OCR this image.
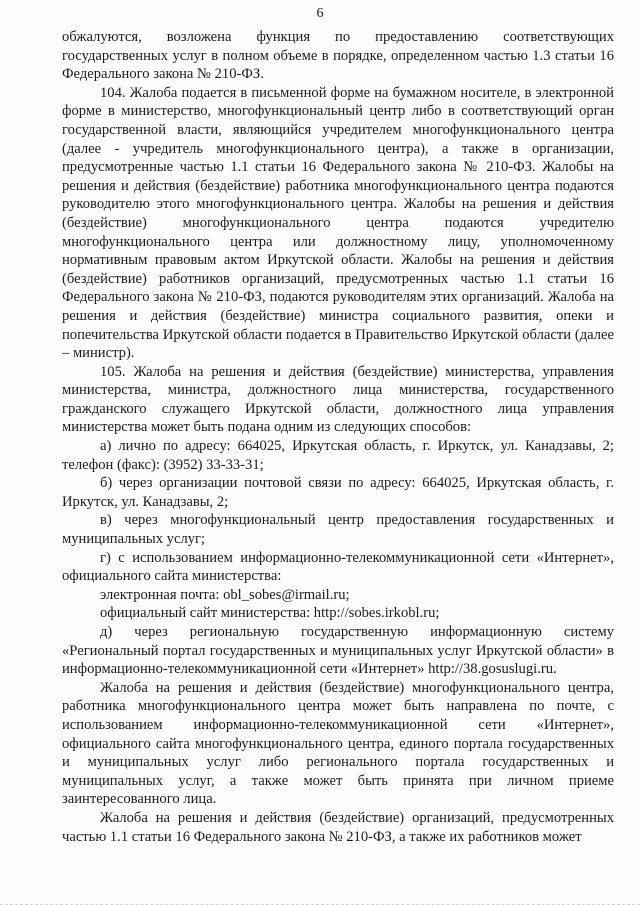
6

обжалуются, возложена функция по предоставлению соответствующих государственных услуг в полном объеме в порядке, определенном частью 1.3 статьи 16 Федерального закона № 210-ФЗ.

104. Жалоба подается в письменной форме на бумажном носителе, в электронной форме в министерство, многофункциональный центр либо в соответствующий орган государственной власти, являющийся учредителем многофункционального центра (далее - учредитель многофункционального центра), а также в организации, предусмотренные частью 1.1 статьи 16 Федерального закона № 210-ФЗ. Жалобы на решения и действия (бездействие) работника многофункционального центра подаются руководителю этого многофункционального центра. Жалобы на решения и действия (бездействие) многофункционального центра подаются учредителю многофункционального центра или должностному лицу, уполномоченному нормативным правовым актом Иркутской области. Жалобы на решения и действия (бездействие) работников организаций, предусмотренных частью 1.1 статьи 16 Федерального закона № 210-ФЗ, подаются руководителям этих организаций. Жалоба на решения и действия (бездействие) министра социального развития, опеки и попечительства Иркутской области подается в Правительство Иркутской области (далее – министр).

105. Жалоба на решения и действия (бездействие) министерства, управления министерства, министра, должностного лица министерства, государственного гражданского служащего Иркутской области, должностного лица управления министерства может быть подана одним из следующих способов:

а) лично по адресу: 664025, Иркутская область, г. Иркутск, ул. Канадзавы, 2; телефон (факс): (3952) 33-33-31;

б) через организации почтовой связи по адресу: 664025, Иркутская область, г. Иркутск, ул. Канадзавы, 2;

в) через многофункциональный центр предоставления государственных и муниципальных услуг;

г) с использованием информационно-телекоммуникационной сети «Интернет», официального сайта министерства:

электронная почта: obl_sobes@irmail.ru;

официальный сайт министерства: http://sobes.irkobl.ru;

д) через региональную государственную информационную систему «Региональный портал государственных и муниципальных услуг Иркутской области» в информационно-телекоммуникационной сети «Интернет» http://38.gosuslugi.ru.

Жалоба на решения и действия (бездействие) многофункционального центра, работника многофункционального центра может быть направлена по почте, с использованием информационно-телекоммуникационной сети «Интернет», официального сайта многофункционального центра, единого портала государственных и муниципальных услуг либо регионального портала государственных и муниципальных услуг, а также может быть принята при личном приеме заинтересованного лица.

Жалоба на решения и действия (бездействие) организаций, предусмотренных частью 1.1 статьи 16 Федерального закона № 210-ФЗ, а также их работников может
